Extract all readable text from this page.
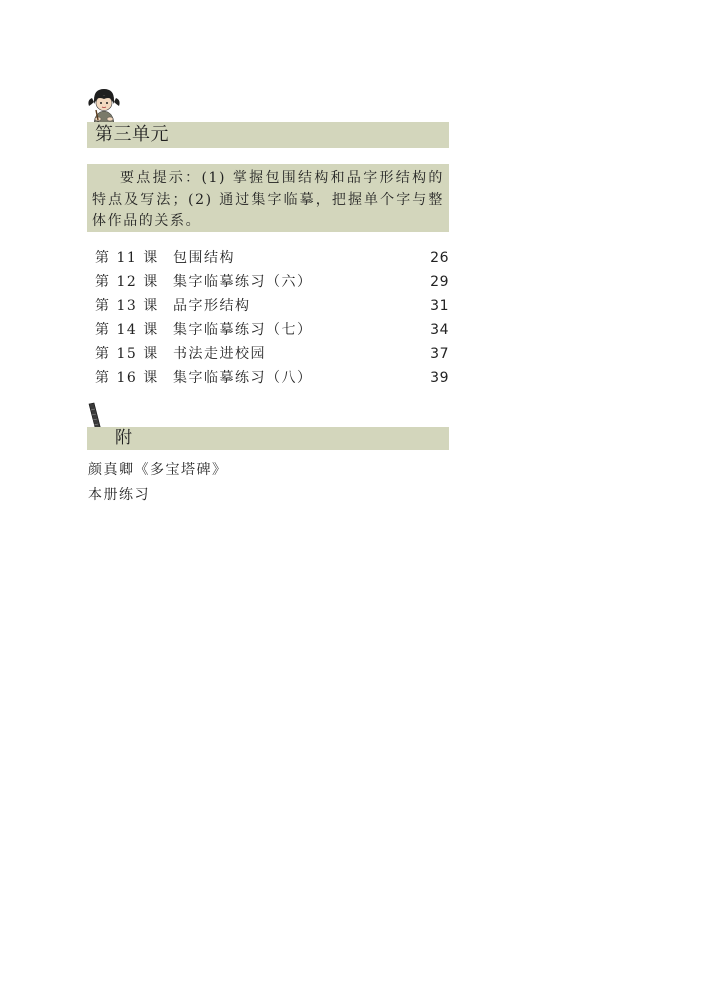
第三单元
要点提示：(1) 掌握包围结构和品字形结构的特点及写法；(2) 通过集字临摹，把握单个字与整体作品的关系。
第 11 课 包围结构	26
第 12 课 集字临摹练习（六）	29
第 13 课 品字形结构	31
第 14 课 集字临摹练习（七）	34
第 15 课 书法走进校园	37
第 16 课 集字临摹练习（八）	39
附
颜真卿《多宝塔碑》
本册练习
